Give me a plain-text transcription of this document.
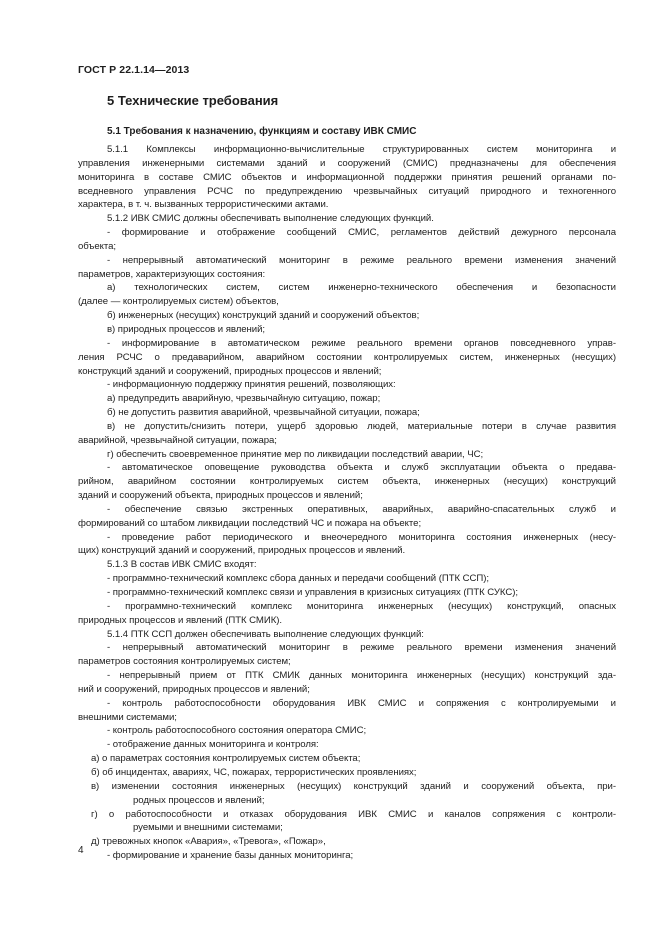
ГОСТ Р 22.1.14—2013
5 Технические требования
5.1 Требования к назначению, функциям и составу ИВК СМИС

5.1.1 Комплексы информационно-вычислительные структурированных систем мониторинга и

управления инженерными системами зданий и сооружений (СМИС) предназначены для обеспечения

мониторинга в составе СМИС объектов и информационной поддержки принятия решений органами по-

вседневного управления РСЧС по предупреждению чрезвычайных ситуаций природного и техногенного

характера, в т. ч. вызванных террористическими актами.

5.1.2 ИВК СМИС должны обеспечивать выполнение следующих функций.

- формирование и отображение сообщений СМИС, регламентов действий дежурного персонала

объекта;

- непрерывный автоматический мониторинг в режиме реального времени изменения значений

параметров, характеризующих состояния:

а) технологических систем, систем инженерно-технического обеспечения и безопасности

(далее — контролируемых систем) объектов,

б) инженерных (несущих) конструкций зданий и сооружений объектов;

в) природных процессов и явлений;

- информирование в автоматическом режиме реального времени органов повседневного управ-

ления РСЧС о предаварийном, аварийном состоянии контролируемых систем, инженерных (несущих)

конструкций зданий и сооружений, природных процессов и явлений;

- информационную поддержку принятия решений, позволяющих:

а) предупредить аварийную, чрезвычайную ситуацию, пожар;

б) не допустить развития аварийной, чрезвычайной ситуации, пожара;

в) не допустить/снизить потери, ущерб здоровью людей, материальные потери в случае развития

аварийной, чрезвычайной ситуации, пожара;

г) обеспечить своевременное принятие мер по ликвидации последствий аварии, ЧС;

- автоматическое оповещение руководства объекта и служб эксплуатации объекта о предава-

рийном, аварийном состоянии контролируемых систем объекта, инженерных (несущих) конструкций

зданий и сооружений объекта, природных процессов и явлений;

- обеспечение связью экстренных оперативных, аварийных, аварийно-спасательных служб и

формирований со штабом ликвидации последствий ЧС и пожара на объекте;

- проведение работ периодического и внеочередного мониторинга состояния инженерных (несу-

щих) конструкций зданий и сооружений, природных процессов и явлений.

5.1.3 В состав ИВК СМИС входят:

- программно-технический комплекс сбора данных и передачи сообщений (ПТК ССП);

- программно-технический комплекс связи и управления в кризисных ситуациях (ПТК СУКС);

- программно-технический комплекс мониторинга инженерных (несущих) конструкций, опасных

природных процессов и явлений (ПТК СМИК).

5.1.4 ПТК ССП должен обеспечивать выполнение следующих функций:

- непрерывный автоматический мониторинг в режиме реального времени изменения значений

параметров состояния контролируемых систем;

- непрерывный прием от ПТК СМИК данных мониторинга инженерных (несущих) конструкций зда-

ний и сооружений, природных процессов и явлений;

- контроль работоспособности оборудования ИВК СМИС и сопряжения с контролируемыми и

внешними системами;

- контроль работоспособного состояния оператора СМИС;

- отображение данных мониторинга и контроля:

а) о параметрах состояния контролируемых систем объекта;

б) об инцидентах, авариях, ЧС, пожарах, террористических проявлениях;

в) изменении состояния инженерных (несущих) конструкций зданий и сооружений объекта, при-

родных процессов и явлений;

г) о работоспособности и отказах оборудования ИВК СМИС и каналов сопряжения с контроли-

руемыми и внешними системами;

д) тревожных кнопок «Авария», «Тревога», «Пожар»,

- формирование и хранение базы данных мониторинга;

4
